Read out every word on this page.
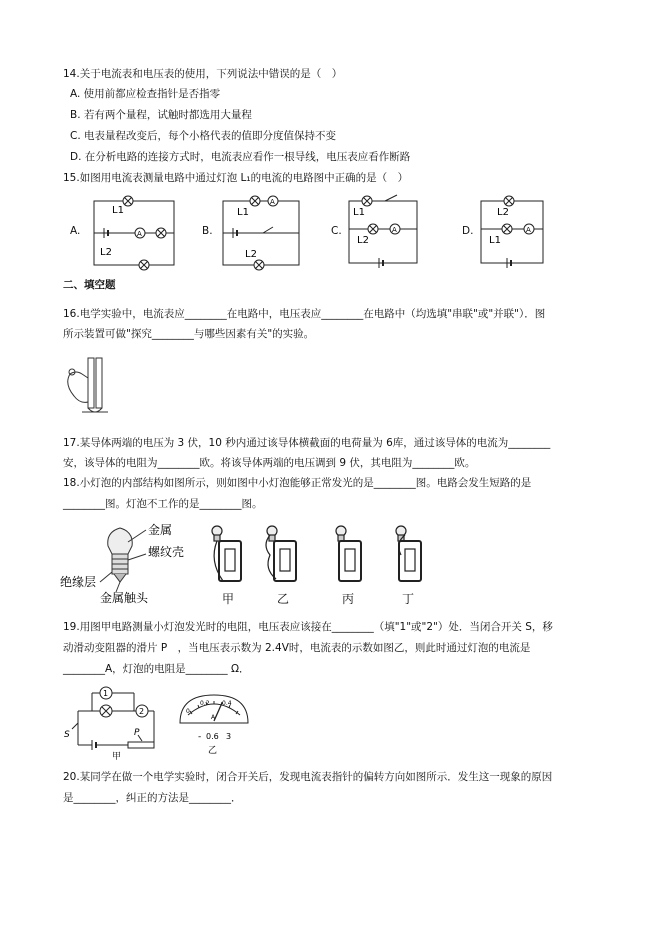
14.关于电流表和电压表的使用，下列说法中错误的是（　）
A. 使用前都应检查指针是否指零
B. 若有两个量程，试触时都选用大量程
C. 电表量程改变后，每个小格代表的值即分度值保持不变
D. 在分析电路的连接方式时，电流表应看作一根导线，电压表应看作断路
15.如图用电流表测量电路中通过灯泡 L₁的电流的电路图中正确的是（　）
A.
L1
A
L2
B.
L1
A
L2
C.
L1
A
L2
D.
L2
A
L1
二、填空题
16.电学实验中，电流表应________在电路中，电压表应________在电路中（均选填"串联"或"并联"）．图
所示装置可做"探究________与哪些因素有关"的实验。
17.某导体两端的电压为 3 伏，10 秒内通过该导体横截面的电荷量为 6库，通过该导体的电流为________
安，该导体的电阻为________欧。将该导体两端的电压调到 9 伏，其电阻为________欧。
18.小灯泡的内部结构如图所示，则如图中小灯泡能够正常发光的是________图。电路会发生短路的是
________图。灯泡不工作的是________图。
金属
螺纹壳
绝缘层
金属触头	甲	乙	丙	丁
19.用图甲电路测量小灯泡发光时的电阻，电压表应该接在________（填"1"或"2"）处．当闭合开关 S，移
动滑动变阻器的滑片 P　，当电压表示数为 2.4V时，电流表的示数如图乙，则此时通过灯泡的电流是
________A，灯泡的电阻是________ Ω．
1
2
S	P
甲
0.2 0.4
0
A
- 0.6 3
乙
20.某同学在做一个电学实验时，闭合开关后，发现电流表指针的偏转方向如图所示．发生这一现象的原因
是________，纠正的方法是________．
